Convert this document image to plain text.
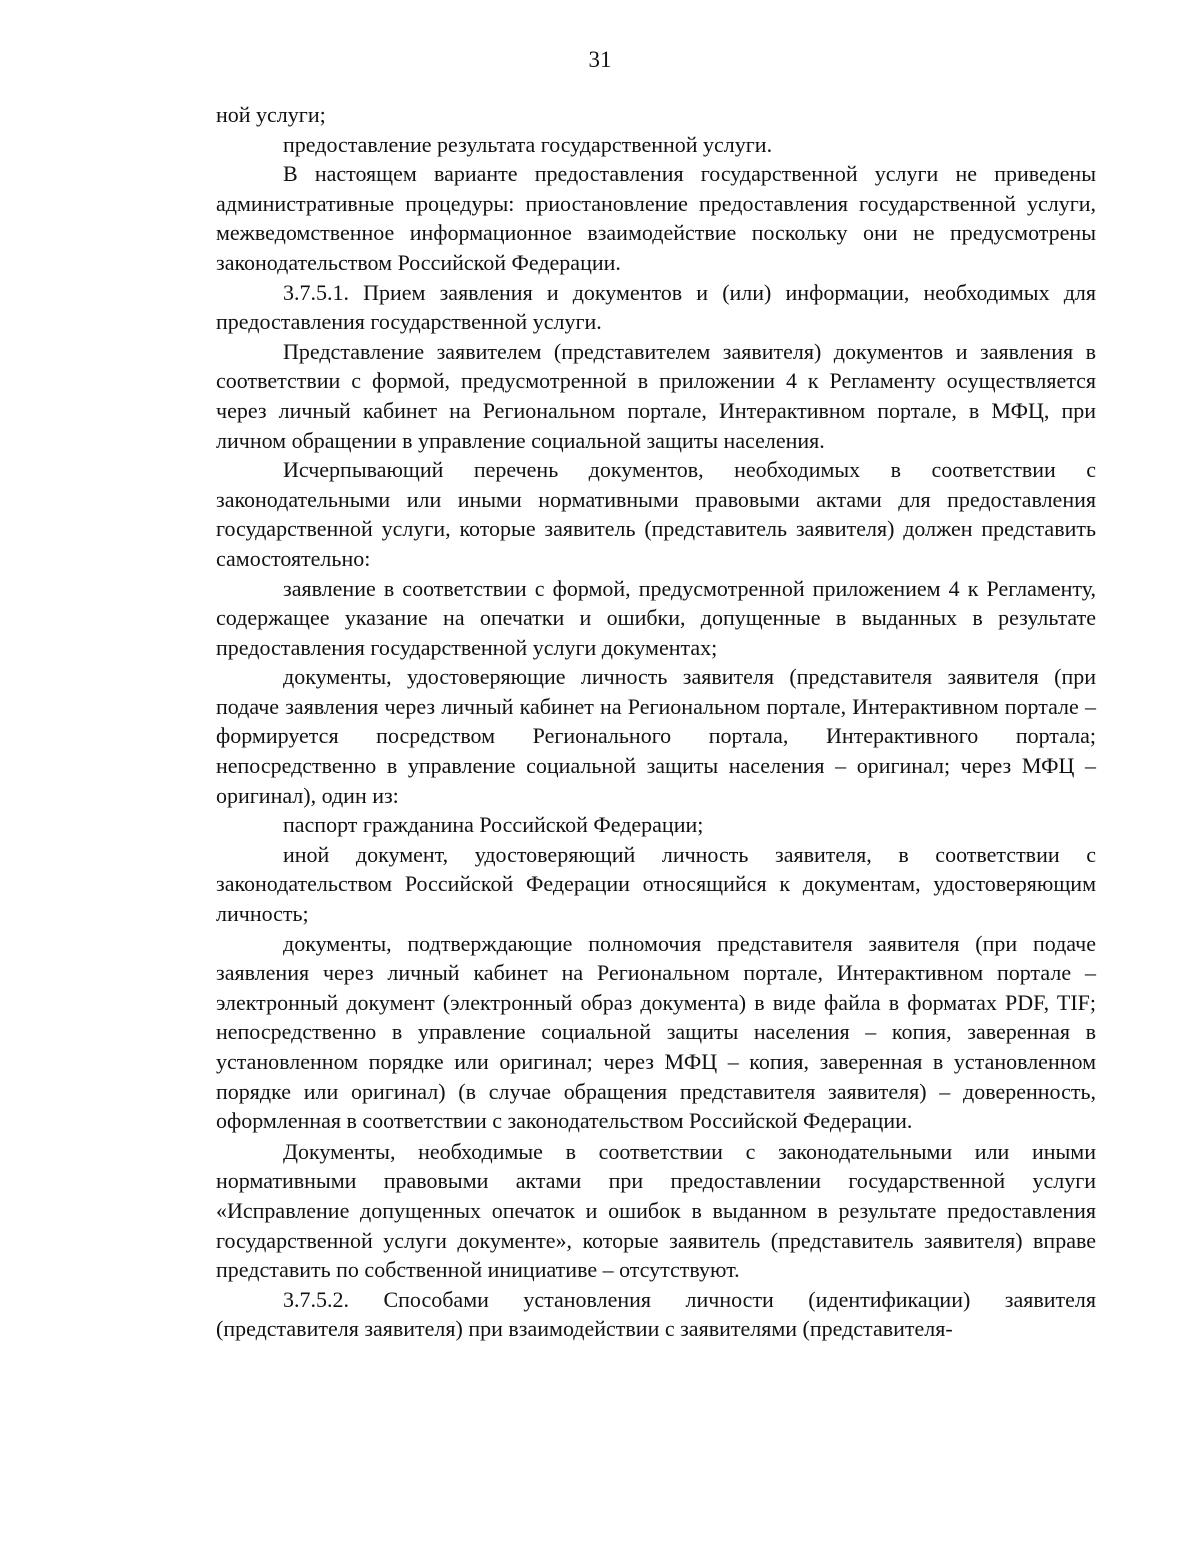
31

ной услуги;

предоставление результата государственной услуги.

В настоящем варианте предоставления государственной услуги не приведены административные процедуры: приостановление предоставления государственной услуги, межведомственное информационное взаимодействие поскольку они не предусмотрены законодательством Российской Федерации.

3.7.5.1. Прием заявления и документов и (или) информации, необходимых для предоставления государственной услуги.

Представление заявителем (представителем заявителя) документов и заявления в соответствии с формой, предусмотренной в приложении 4 к Регламенту осуществляется через личный кабинет на Региональном портале, Интерактивном портале, в МФЦ, при личном обращении в управление социальной защиты населения.

Исчерпывающий перечень документов, необходимых в соответствии с законодательными или иными нормативными правовыми актами для предоставления государственной услуги, которые заявитель (представитель заявителя) должен представить самостоятельно:

заявление в соответствии с формой, предусмотренной приложением 4 к Регламенту, содержащее указание на опечатки и ошибки, допущенные в выданных в результате предоставления государственной услуги документах;

документы, удостоверяющие личность заявителя (представителя заявителя (при подаче заявления через личный кабинет на Региональном портале, Интерактивном портале – формируется посредством Регионального портала, Интерактивного портала; непосредственно в управление социальной защиты населения – оригинал; через МФЦ – оригинал), один из:

паспорт гражданина Российской Федерации;

иной документ, удостоверяющий личность заявителя, в соответствии с законодательством Российской Федерации относящийся к документам, удостоверяющим личность;

документы, подтверждающие полномочия представителя заявителя (при подаче заявления через личный кабинет на Региональном портале, Интерактивном портале – электронный документ (электронный образ документа) в виде файла в форматах PDF, TIF; непосредственно в управление социальной защиты населения – копия, заверенная в установленном порядке или оригинал; через МФЦ – копия, заверенная в установленном порядке или оригинал) (в случае обращения представителя заявителя) – доверенность, оформленная в соответствии с законодательством Российской Федерации.

Документы, необходимые в соответствии с законодательными или иными нормативными правовыми актами при предоставлении государственной услуги «Исправление допущенных опечаток и ошибок в выданном в результате предоставления государственной услуги документе», которые заявитель (представитель заявителя) вправе представить по собственной инициативе – отсутствуют.

3.7.5.2. Способами установления личности (идентификации) заявителя (представителя заявителя) при взаимодействии с заявителями (представителя-
